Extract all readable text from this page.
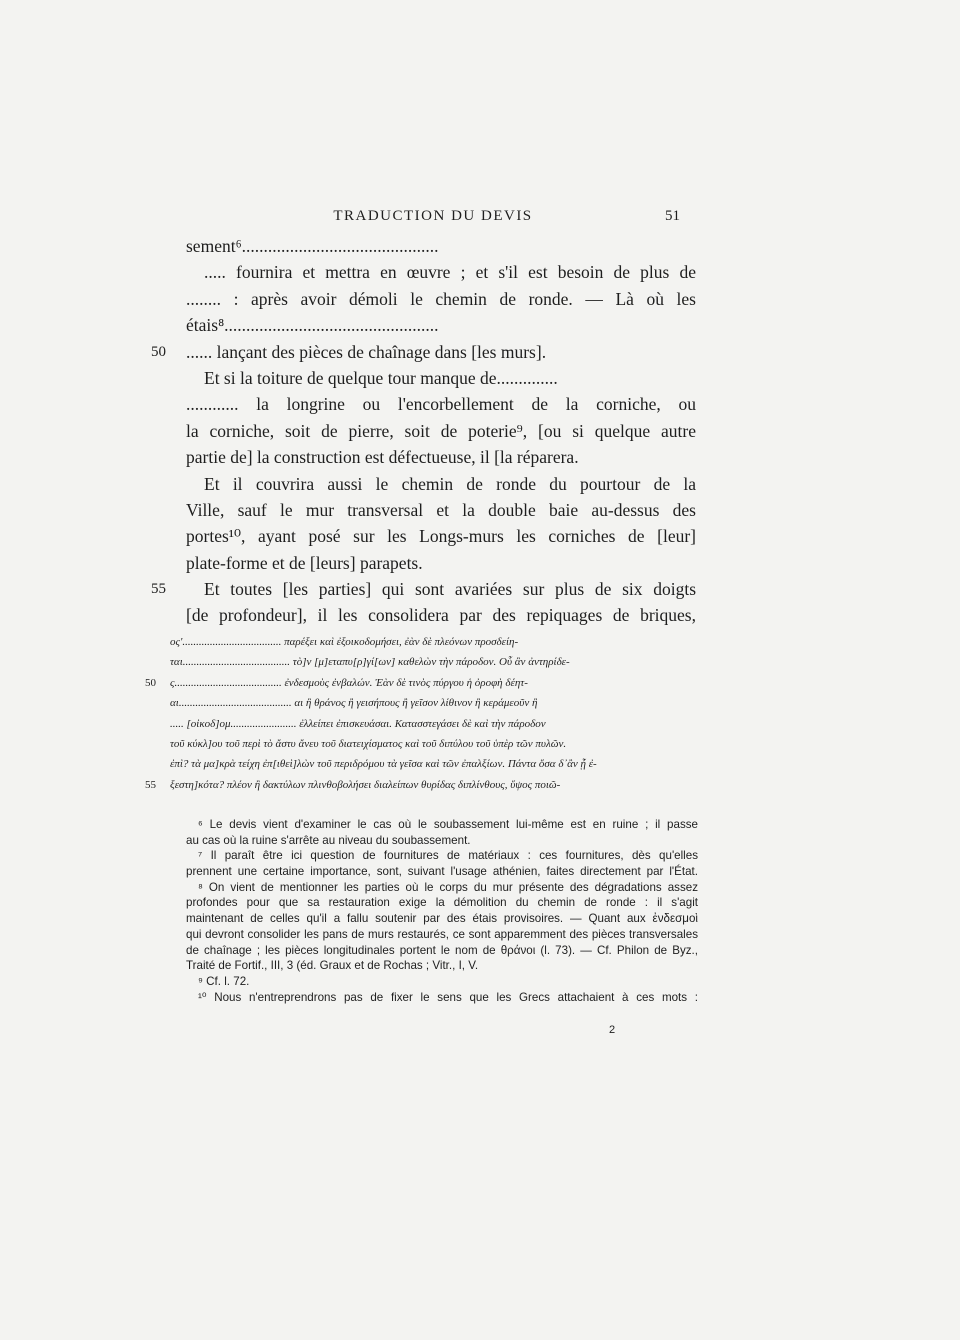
TRADUCTION DU DEVIS	51
sement⁶.............................................
..... fournira et mettra en œuvre ; et s'il est besoin de plus de
........ : après avoir démoli le chemin de ronde. — Là où les
étais⁸.................................................
50 ...... lançant des pièces de chaînage dans [les murs].
Et si la toiture de quelque tour manque de..............
............ la longrine ou l'encorbellement de la corniche, ou
la corniche, soit de pierre, soit de poterie⁹, [ou si quelque autre
partie de] la construction est défectueuse, il [la réparera.
Et il couvrira aussi le chemin de ronde du pourtour de la
Ville, sauf le mur transversal et la double baie au-dessus des
portes¹⁰, ayant posé sur les Longs-murs les corniches de [leur]
plate-forme et de [leurs] parapets.
55 Et toutes [les parties] qui sont avariées sur plus de six doigts
[de profondeur], il les consolidera par des repiquages de briques,
ος'.................................... παρέξει καὶ ἐξοικοδομήσει, ἐὰν δὲ πλεόνων προσδείη-
ται....................................... τὸ]ν [μ]εταπυ[ρ]γί[ων] καθελὼν τὴν πάροδον. Οὗ ἂν ἀντηρίδε-
50 ς....................................... ἐνδεσμοὺς ἐνβαλών. Ἐὰν δὲ τινὸς πύργου ἡ ὀροφὴ δέητ-
αι......................................... αι ἢ θράνος ἢ γεισήπους ἢ γεῖσον λίθινον ἢ κεράμεοῦν ἢ
..... [οἰκοδ]ομ........................ ἐλλείπει ἐπισκευάσαι. Κατασστεγάσει δὲ καὶ τὴν πάροδον
τοῦ κύκλ]ου τοῦ περὶ τὸ ἄστυ ἄνευ τοῦ διατειχίσματος καὶ τοῦ διπύλου τοῦ ὑπὲρ τῶν πυλῶν.
ἐπὶ? τὰ μα]κρὰ τείχη ἐπ[ιθεὶ]λὼν τοῦ περιδρόμου τὰ γεῖσα καὶ τῶν ἐπαλξίων. Πάντα ὅσα δ᾽ἂν ᾖ ἐ-
55 ξεστη]κότα? πλέον ἢ δακτύλων πλινθοβολήσει διαλείπων θυρίδας διπλίνθους, ὕψος ποιῶ-
⁶ Le devis vient d'examiner le cas où le soubassement lui-même est en ruine ; il passe
au cas où la ruine s'arrête au niveau du soubassement.
⁷ Il paraît être ici question de fournitures de matériaux : ces fournitures, dès qu'elles
prennent une certaine importance, sont, suivant l'usage athénien, faites directement par l'État.
⁸ On vient de mentionner les parties où le corps du mur présente des dégradations assez
profondes pour que sa restauration exige la démolition du chemin de ronde : il s'agit
maintenant de celles qu'il a fallu soutenir par des étais provisoires. — Quant aux ἐνδεσμοὶ
qui devront consolider les pans de murs restaurés, ce sont apparemment des pièces transversales
de chaînage ; les pièces longitudinales portent le nom de θράνοι (l. 73). — Cf. Philon de Byz.,
Traité de Fortif., III, 3 (éd. Graux et de Rochas ; Vitr., I, V.
⁹ Cf. l. 72.
¹⁰ Nous n'entreprendrons pas de fixer le sens que les Grecs attachaient à ces mots :
2
